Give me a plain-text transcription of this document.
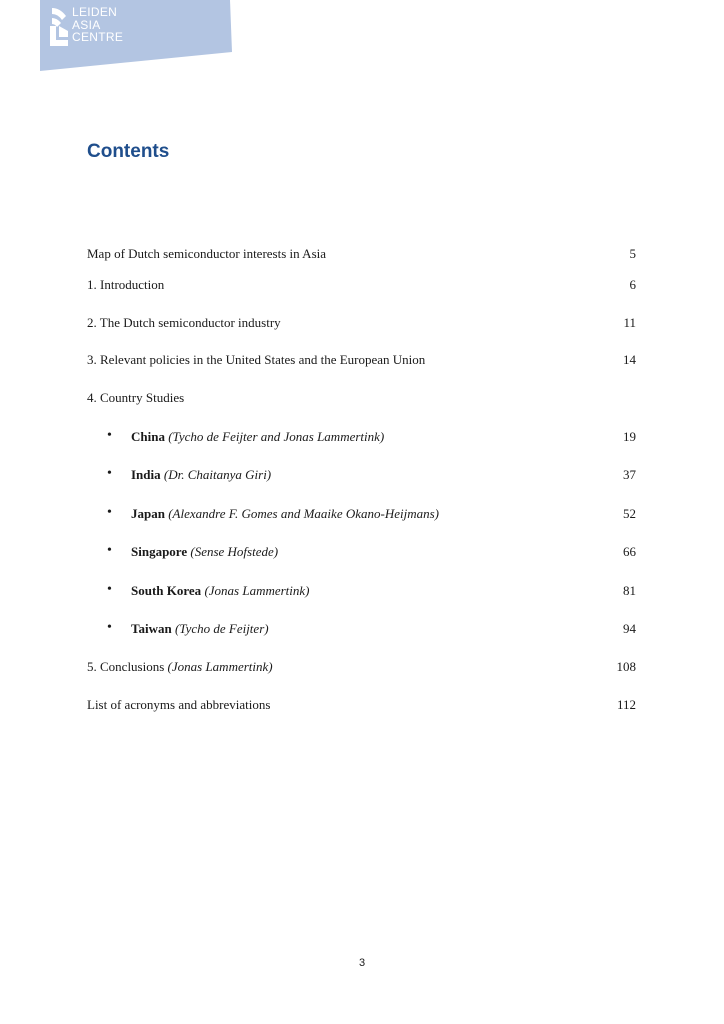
LEIDEN
ASIA
CENTRE
Contents
Map of Dutch semiconductor interests in Asia	5
1. Introduction	6
2. The Dutch semiconductor industry	11
3. Relevant policies in the United States and the European Union	14
4. Country Studies
• China (Tycho de Feijter and Jonas Lammertink)	19
• India (Dr. Chaitanya Giri)	37
• Japan (Alexandre F. Gomes and Maaike Okano-Heijmans)	52
• Singapore (Sense Hofstede)	66
• South Korea (Jonas Lammertink)	81
• Taiwan (Tycho de Feijter)	94
5. Conclusions (Jonas Lammertink)	108
List of acronyms and abbreviations	112
3
